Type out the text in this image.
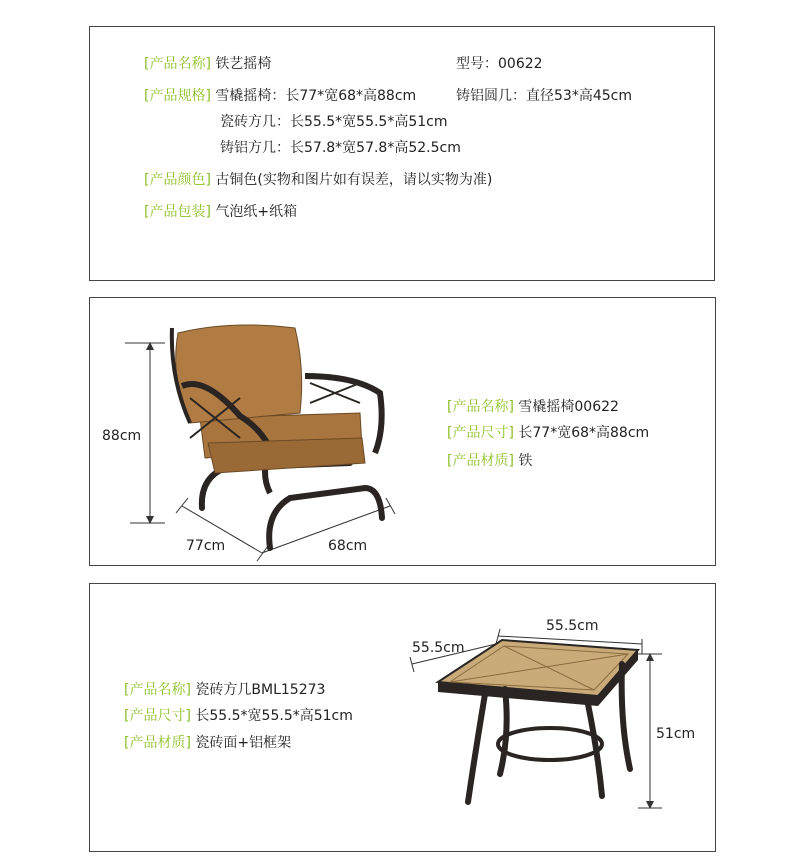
[产品名称] 铁艺摇椅	型号：00622
[产品规格] 雪橇摇椅：长77*宽68*高88cm	铸铝圆几：直径53*高45cm
瓷砖方几：长55.5*宽55.5*高51cm
铸铝方几：长57.8*宽57.8*高52.5cm
[产品颜色] 古铜色(实物和图片如有误差，请以实物为准)
[产品包装] 气泡纸+纸箱
88cm
77cm	68cm
[产品名称] 雪橇摇椅00622
[产品尺寸] 长77*宽68*高88cm
[产品材质] 铁
[产品名称] 瓷砖方几BML15273
[产品尺寸] 长55.5*宽55.5*高51cm
[产品材质] 瓷砖面+铝框架
55.5cm
55.5cm
51cm
